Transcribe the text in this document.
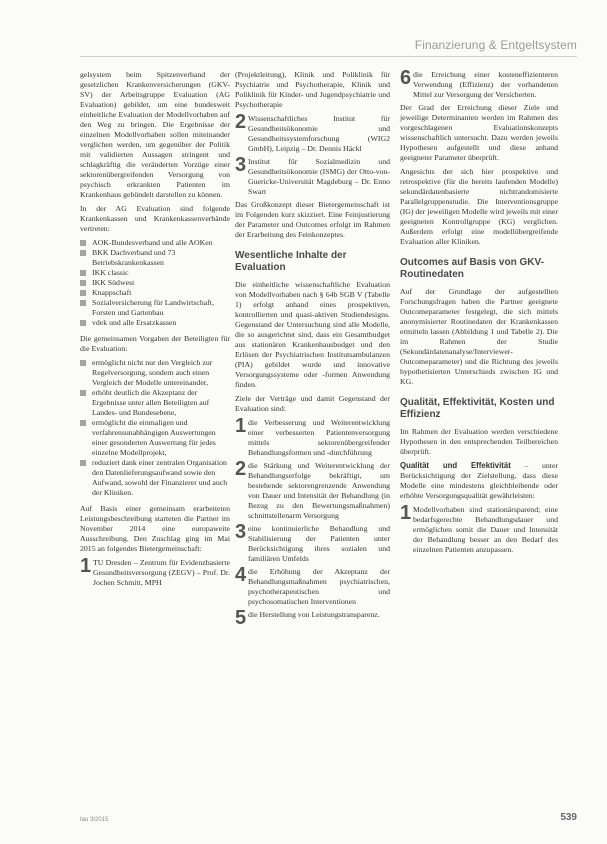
Finanzierung & Entgeltsystem

gelsystem beim Spitzenverband der gesetzlichen Krankenversicherungen (GKV-SV) der Arbeitsgruppe Evaluation (AG Evaluation) gebildet, um eine bundesweit einheitliche Evaluation der Modellvorhaben auf den Weg zu bringen. Die Ergebnisse der einzelnen Modellvorhaben sollen miteinander verglichen werden, um gegenüber der Politik mit validierten Aussagen stringent und schlagkräftig die veränderten Vorzüge einer sektorenübergreifenden Versorgung von psychisch erkrankten Patienten im Krankenhaus gebündelt darstellen zu können.

In der AG Evaluation sind folgende Krankenkassen und Krankenkassenverbände vertreten:

AOK-Bundesverband und alle AOKen
BKK Dachverband und 73 Betriebskrankenkassen
IKK classic
IKK Südwest
Knappschaft
Sozialversicherung für Landwirtschaft, Forsten und Gartenbau
vdek und alle Ersatzkassen

Die gemeinsamen Vorgaben der Beteiligten für die Evaluation:

ermöglicht nicht nur den Vergleich zur Regelversorgung, sondern auch einen Vergleich der Modelle untereinander,
erhöht deutlich die Akzeptanz der Ergebnisse unter allen Beteiligten auf Landes- und Bundesebene,
ermöglicht die einmaligen und verfahrensunabhängigen Auswertungen einer gesonderten Auswertung für jedes einzelne Modellprojekt,
reduziert dank einer zentralen Organisation den Datenlieferungsaufwand sowie den Aufwand, sowohl der Finanzierer und auch der Kliniken.

Auf Basis einer gemeinsam erarbeiteten Leistungsbeschreibung starteten die Partner im November 2014 eine europaweite Ausschreibung. Den Zuschlag ging im Mai 2015 an folgendes Bietergemeinschaft:

1 TU Dresden – Zentrum für Evidenzbasierte Gesundheitsversorgung (ZEGV) – Prof. Dr. Jochen Schmitt, MPH

(Projektleitung), Klinik und Poliklinik für Psychiatrie und Psychotherapie, Klinik und Poliklinik für Kinder- und Jugendpsychiatrie und Psychotherapie

2 Wissenschaftliches Institut für Gesundheitsökonomie und Gesundheitssystemforschung (WIG2 GmbH), Leipzig – Dr. Dennis Häckl
3 Institut für Sozialmedizin und Gesundheitsökonomie (ISMG) der Otto-von-Guericke-Universität Magdeburg – Dr. Enno Swart

Das Großkonzept dieser Bietergemeinschaft ist im Folgenden kurz skizziert. Eine Feinjustierung der Parameter und Outcomes erfolgt im Rahmen der Erarbeitung des Feinkonzeptes.

Wesentliche Inhalte der Evaluation

Die einheitliche wissenschaftliche Evaluation von Modellvorhaben nach § 64b SGB V (Tabelle 1) erfolgt anhand eines prospektiven, kontrollierten und quasi-aktiven Studiendesigns. Gegenstand der Untersuchung sind alle Modelle, die so ausgerichtet sind, dass ein Gesamtbudget aus stationären Krankenhausbudget und den Erlösen der Psychiatrischen Institutsambulanzen (PIA) gebildet wurde und innovative Versorgungssysteme oder -formen Anwendung finden.

Ziele der Verträge und damit Gegenstand der Evaluation sind:

1 die Verbesserung und Weiterentwicklung einer verbesserten Patientenversorgung mittels sektorenübergreifender Behandlungsformen und -durchführung
2 die Stärkung und Weiterentwicklung der Behandlungserfolge bekräftigt, um bestehende sektorengrenzende Anwendung von Dauer und Intensität der Behandlung (in Bezug zu den Bewertungsmaßnahmen) schnittstellenarm Versorgung
3 eine kontinuierliche Behandlung und Stabilisierung der Patienten unter Berücksichtigung ihres sozialen und familiären Umfelds
4 die Erhöhung der Akzeptanz der Behandlungsmaßnahmen psychiatrischen, psychotherapeutischen und psychosomatischen Interventionen
5 die Herstellung von Leistungstransparenz.
6 die Erreichung einer kosteneffizienteren Verwendung (Effizienz) der vorhandenen Mittel zur Versorgung der Versicherten.

Der Grad der Erreichung dieser Ziele und jeweilige Determinanten werden im Rahmen des vorgeschlagenen Evaluationskonzepts wissenschaftlich untersucht. Dazu werden jeweils Hypothesen aufgestellt und diese anhand geeigneter Parameter überprüft.

Angesichts der sich hier prospektive und retrospektive (für die bereits laufenden Modelle) sekundärdatenbasierte nichtrandomisierte Parallelgruppenstudie. Die Interventionsgruppe (IG) der jeweiligen Modelle wird jeweils mit einer geeigneten Kontrollgruppe (KG) verglichen. Außerdem erfolgt eine modellübergreifende Evaluation aller Kliniken.

Outcomes auf Basis von GKV-Routinedaten

Auf der Grundlage der aufgestellten Forschungsfragen haben die Partner geeignete Outcomeparameter festgelegt, die sich mittels anonymisierter Routinedaten der Krankenkassen ermitteln lassen (Abbildung 1 und Tabelle 2). Die im Rahmen der Studie (Sekundärdatenanalyse/Interviewer-Outcomeparameter) und die Richtung des jeweils hypothetisierten Unterschieds zwischen IG und KG.

Qualität, Effektivität, Kosten und Effizienz

Im Rahmen der Evaluation werden verschiedene Hypothesen in den entsprechenden Teilbereichen überprüft.

Qualität und Effektivität – unter Berücksichtigung der Zielstellung, dass diese Modelle eine mindestens gleichbleibende oder erhöhte Versorgungsqualität gewährleisten:

1 Modellvorhaben sind stationärsparend; eine bedarfsgerechte Behandlungsdauer und ermöglichen somit die Dauer und Intensität der Behandlung besser an den Bedarf des einzelnen Patienten anzupassen.
tau 3/2015	539
